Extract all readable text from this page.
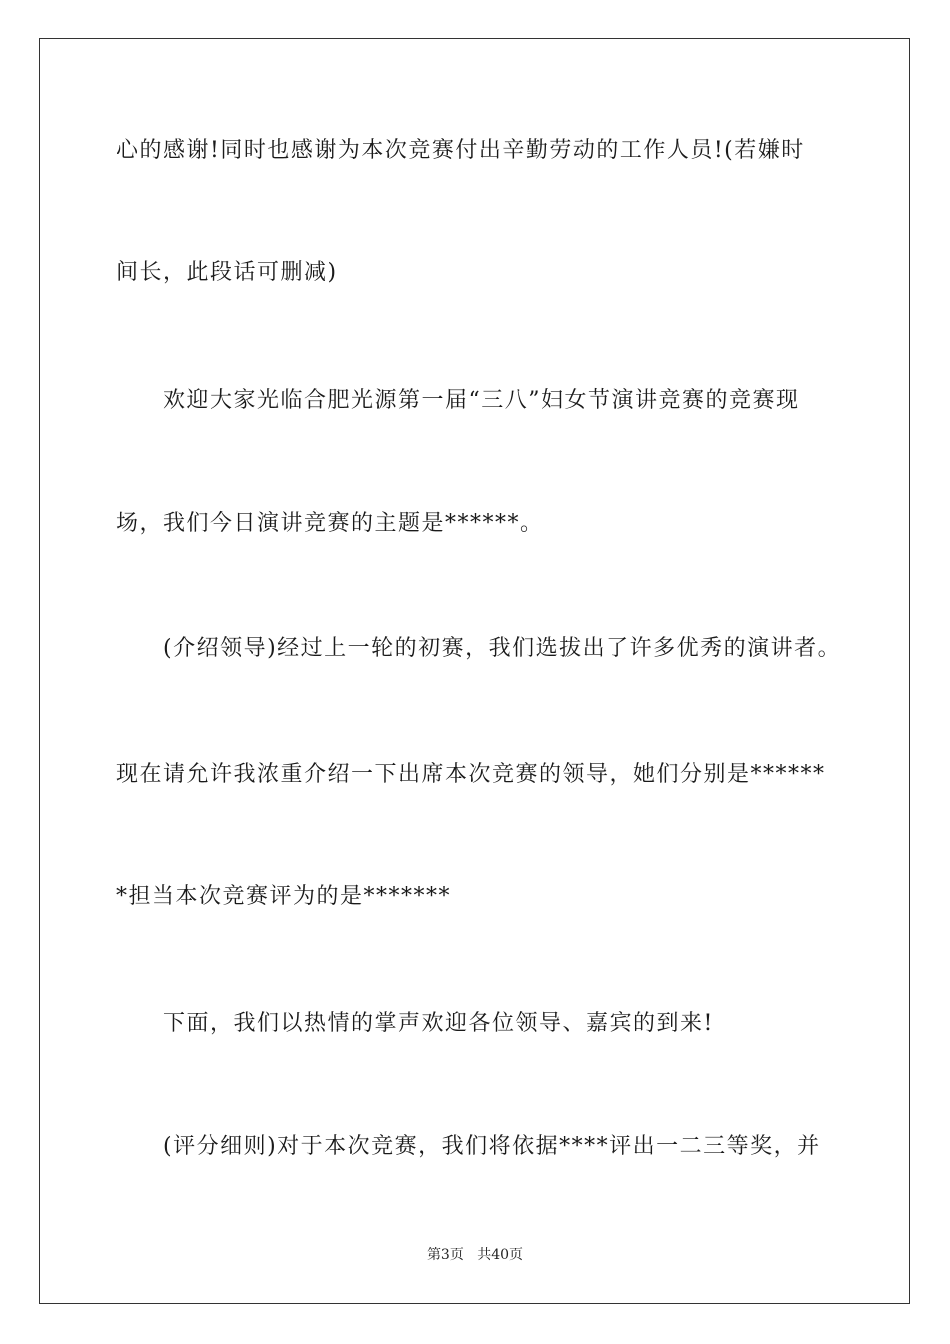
心的感谢!同时也感谢为本次竞赛付出辛勤劳动的工作人员!(若嫌时
间长，此段话可删减)
欢迎大家光临合肥光源第一届“三八”妇女节演讲竞赛的竞赛现
场，我们今日演讲竞赛的主题是******。
(介绍领导)经过上一轮的初赛，我们选拔出了许多优秀的演讲者。
现在请允许我浓重介绍一下出席本次竞赛的领导，她们分别是******
*担当本次竞赛评为的是*******
下面，我们以热情的掌声欢迎各位领导、嘉宾的到来!
(评分细则)对于本次竞赛，我们将依据****评出一二三等奖，并
第3页 共40页
